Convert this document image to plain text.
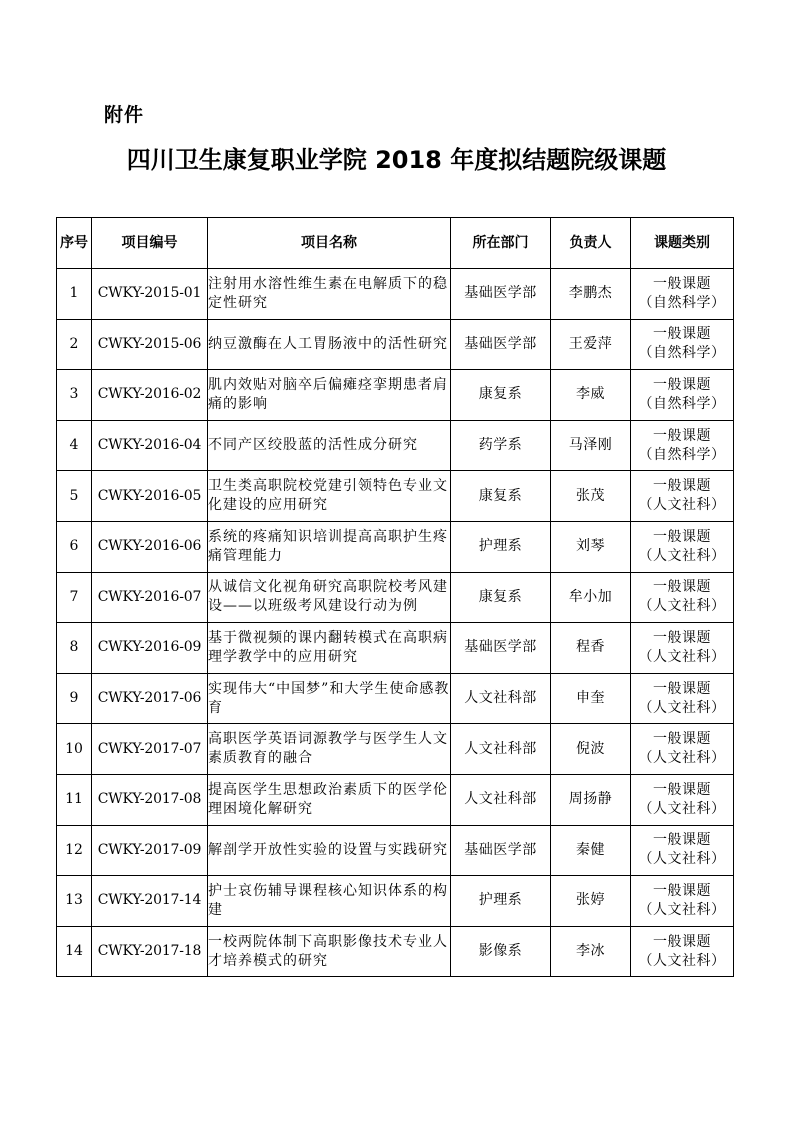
附件
四川卫生康复职业学院 2018 年度拟结题院级课题
序号	项目编号	项目名称	所在部门	负责人	课题类别
1	CWKY-2015-01	注射用水溶性维生素在电解质下的稳定性研究	基础医学部	李鹏杰	一般课题
（自然科学）

2	CWKY-2015-06	纳豆激酶在人工胃肠液中的活性研究	基础医学部	王爱萍	一般课题
（自然科学）

3	CWKY-2016-02	肌内效贴对脑卒后偏瘫痉挛期患者肩痛的影响	康复系	李威	一般课题
（自然科学）

4	CWKY-2016-04	不同产区绞股蓝的活性成分研究	药学系	马泽刚	一般课题
（自然科学）

5	CWKY-2016-05	卫生类高职院校党建引领特色专业文化建设的应用研究	康复系	张茂	一般课题
（人文社科）

6	CWKY-2016-06	系统的疼痛知识培训提高高职护生疼痛管理能力	护理系	刘琴	一般课题
（人文社科）

7	CWKY-2016-07	从诚信文化视角研究高职院校考风建设——以班级考风建设行动为例	康复系	牟小加	一般课题
（人文社科）

8	CWKY-2016-09	基于微视频的课内翻转模式在高职病理学教学中的应用研究	基础医学部	程香	一般课题
（人文社科）

9	CWKY-2017-06	实现伟大“中国梦”和大学生使命感教育	人文社科部	申奎	一般课题
（人文社科）

10	CWKY-2017-07	高职医学英语词源教学与医学生人文素质教育的融合	人文社科部	倪波	一般课题
（人文社科）

11	CWKY-2017-08	提高医学生思想政治素质下的医学伦理困境化解研究	人文社科部	周扬静	一般课题
（人文社科）

12	CWKY-2017-09	解剖学开放性实验的设置与实践研究	基础医学部	秦健	一般课题
（人文社科）

13	CWKY-2017-14	护士哀伤辅导课程核心知识体系的构建	护理系	张婷	一般课题
（人文社科）

14	CWKY-2017-18	一校两院体制下高职影像技术专业人才培养模式的研究	影像系	李冰	一般课题
（人文社科）
